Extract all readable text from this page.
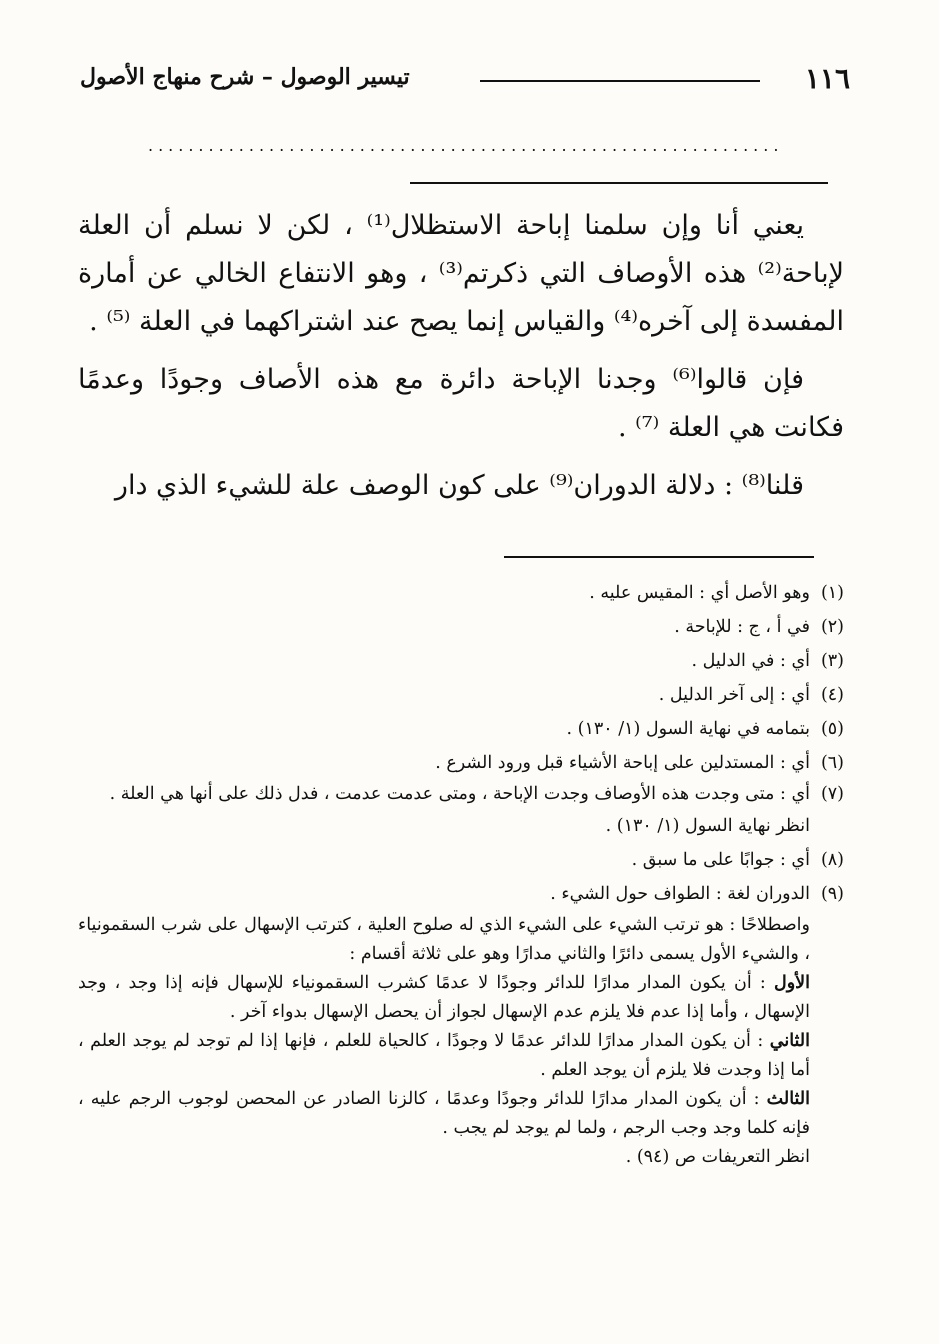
١١٦
تيسير الوصول – شرح منهاج الأصول
...............................................................

يعني أنا وإن سلمنا إباحة الاستظلال⁽¹⁾ ، لكن لا نسلم أن العلة لإباحة⁽²⁾ هذه الأوصاف التي ذكرتم⁽³⁾ ، وهو الانتفاع الخالي عن أمارة المفسدة إلى آخره⁽⁴⁾ والقياس إنما يصح عند اشتراكهما في العلة ⁽⁵⁾ .

فإن قالوا⁽⁶⁾ وجدنا الإباحة دائرة مع هذه الأصاف وجودًا وعدمًا فكانت هي العلة ⁽⁷⁾ .

قلنا⁽⁸⁾ : دلالة الدوران⁽⁹⁾ على كون الوصف علة للشيء الذي دار

(١)وهو الأصل أي : المقيس عليه .

(٢)في أ ، ج : للإباحة .

(٣)أي : في الدليل .

(٤)أي : إلى آخر الدليل .

(٥)بتمامه في نهاية السول (١/ ١٣٠) .

(٦)أي : المستدلين على إباحة الأشياء قبل ورود الشرع .

(٧)أي : متى وجدت هذه الأوصاف وجدت الإباحة ، ومتى عدمت عدمت ، فدل ذلك على أنها هي العلة .

انظر نهاية السول (١/ ١٣٠) .

(٨)أي : جوابًا على ما سبق .

(٩)الدوران لغة : الطواف حول الشيء .

واصطلاحًا : هو ترتب الشيء على الشيء الذي له صلوح العلية ، كترتب الإسهال على شرب السقمونياء ، والشيء الأول يسمى دائرًا والثاني مدارًا وهو على ثلاثة أقسام :

الأول : أن يكون المدار مدارًا للدائر وجودًا لا عدمًا كشرب السقمونياء للإسهال فإنه إذا وجد ، وجد الإسهال ، وأما إذا عدم فلا يلزم عدم الإسهال لجواز أن يحصل الإسهال بدواء آخر .

الثاني : أن يكون المدار مدارًا للدائر عدمًا لا وجودًا ، كالحياة للعلم ، فإنها إذا لم توجد لم يوجد العلم ، أما إذا وجدت فلا يلزم أن يوجد العلم .

الثالث : أن يكون المدار مدارًا للدائر وجودًا وعدمًا ، كالزنا الصادر عن المحصن لوجوب الرجم عليه ، فإنه كلما وجد وجب الرجم ، ولما لم يوجد لم يجب .

انظر التعريفات ص (٩٤) .
